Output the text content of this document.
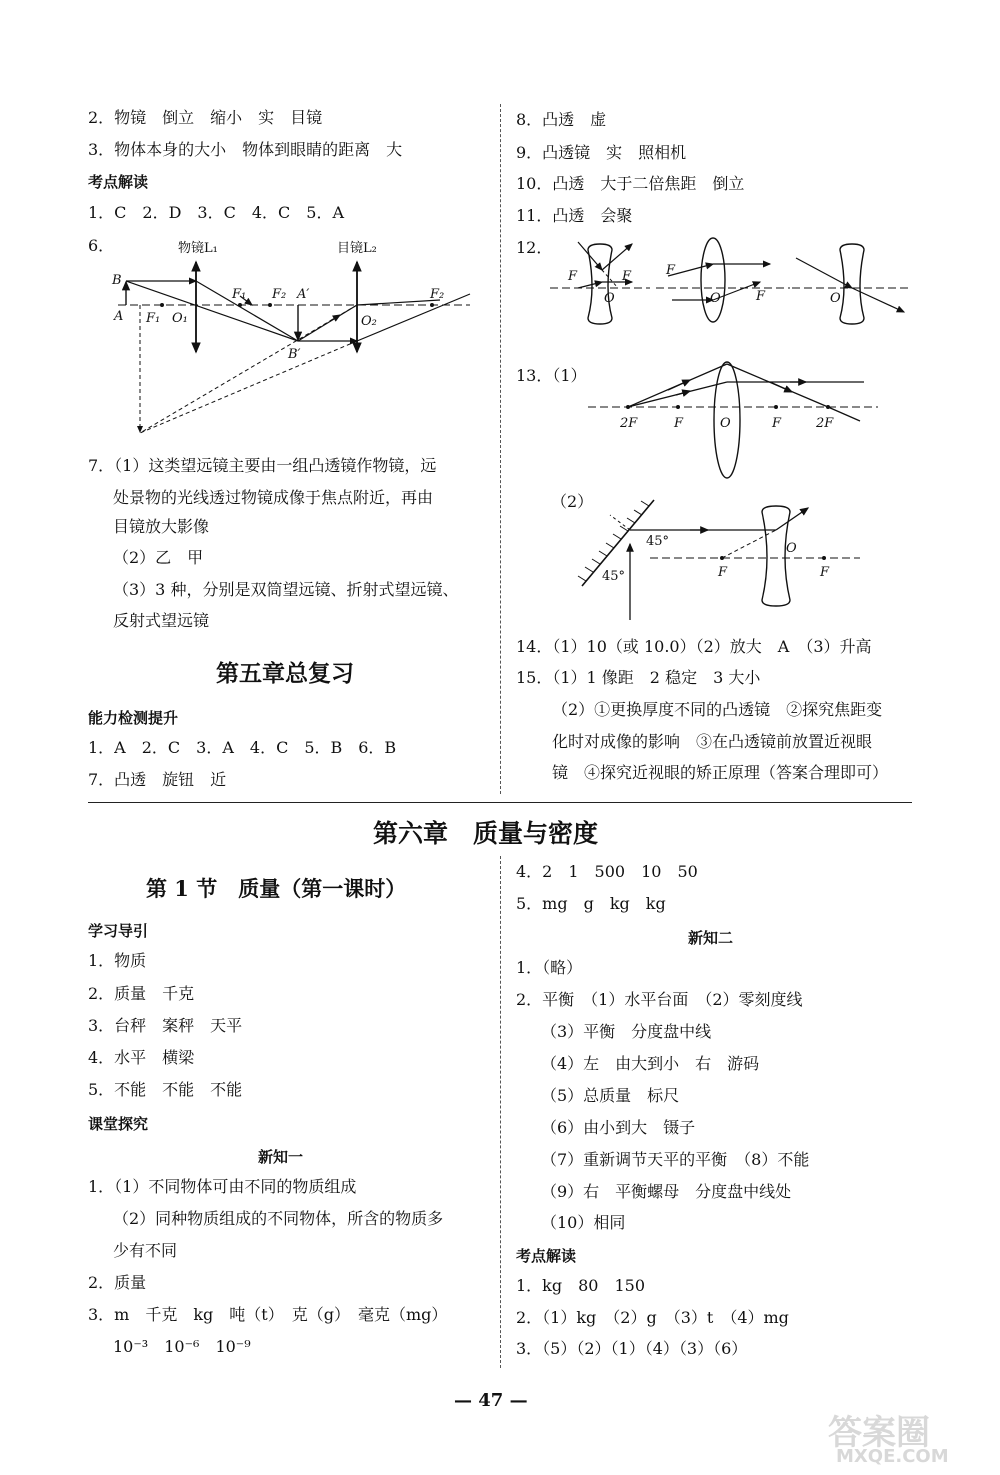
2．物镜　倒立　缩小　实　目镜
3．物体本身的大小　物体到眼睛的距离　大
考点解读
1．C　2．D　3．C　4．C　5．A
6．	物镜L₁	目镜L₂
B
A F₁ O₁
F₁ F₂ A′
B′
O₂
F₂
7．（1）这类望远镜主要由一组凸透镜作物镜，远
处景物的光线透过物镜成像于焦点附近，再由
目镜放大影像
（2）乙　甲
（3）3 种，分别是双筒望远镜、折射式望远镜、
反射式望远镜
第五章总复习
能力检测提升
1．A　2．C　3．A　4．C　5．B　6．B
7．凸透　旋钮　近
8．凸透　虚
9．凸透镜　实　照相机
10．凸透　大于二倍焦距　倒立
11．凸透　会聚
12．
F	F
O
F
F
O	O
13．（1）
2F	F	O	F	2F
（2）
45°
45°
O
F	F
14．（1）10（或 10.0）（2）放大　A　（3）升高
15．（1）1 像距　2 稳定　3 大小
（2）①更换厚度不同的凸透镜　②探究焦距变
化时对成像的影响　③在凸透镜前放置近视眼
镜　④探究近视眼的矫正原理（答案合理即可）
第六章　质量与密度
第 1 节　质量（第一课时）
学习导引
1．物质
2．质量　千克
3．台秤　案秤　天平
4．水平　横梁
5．不能　不能　不能
课堂探究
新知一
1．（1）不同物体可由不同的物质组成
（2）同种物质组成的不同物体，所含的物质多
少有不同
2．质量
3．m　千克　kg　吨（t）　克（g）　毫克（mg）
10⁻³　10⁻⁶　10⁻⁹
4．2　1　500　10　50
5．mg　g　kg　kg
新知二
1．（略）
2．平衡　（1）水平台面　（2）零刻度线
（3）平衡　分度盘中线
（4）左　由大到小　右　游码
（5）总质量　标尺
（6）由小到大　镊子
（7）重新调节天平的平衡　（8）不能
（9）右　平衡螺母　分度盘中线处
（10）相同
考点解读
1．kg　80　150
2．（1）kg　（2）g　（3）t　（4）mg
3．（5）（2）（1）（4）（3）（6）
— 47 —
答案圈
MXQE.COM
